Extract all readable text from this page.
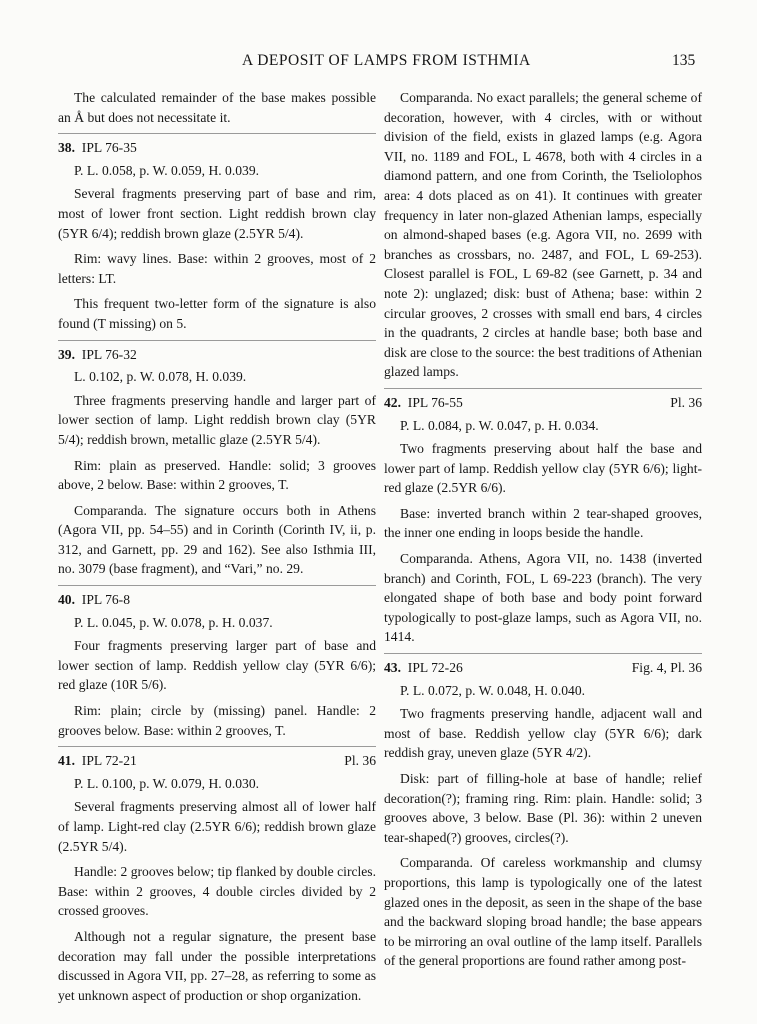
A DEPOSIT OF LAMPS FROM ISTHMIA	135

The calculated remainder of the base makes possible an Å but does not necessitate it.

38. IPL 76-35

P. L. 0.058, p. W. 0.059, H. 0.039.

Several fragments preserving part of base and rim, most of lower front section. Light reddish brown clay (5YR 6/4); reddish brown glaze (2.5YR 5/4).

Rim: wavy lines. Base: within 2 grooves, most of 2 letters: LT.

This frequent two-letter form of the signature is also found (T missing) on 5.

39. IPL 76-32

L. 0.102, p. W. 0.078, H. 0.039.

Three fragments preserving handle and larger part of lower section of lamp. Light reddish brown clay (5YR 5/4); reddish brown, metallic glaze (2.5YR 5/4).

Rim: plain as preserved. Handle: solid; 3 grooves above, 2 below. Base: within 2 grooves, T.

Comparanda. The signature occurs both in Athens (Agora VII, pp. 54–55) and in Corinth (Corinth IV, ii, p. 312, and Garnett, pp. 29 and 162). See also Isthmia III, no. 3079 (base fragment), and “Vari,” no. 29.

40. IPL 76-8

P. L. 0.045, p. W. 0.078, p. H. 0.037.

Four fragments preserving larger part of base and lower section of lamp. Reddish yellow clay (5YR 6/6); red glaze (10R 5/6).

Rim: plain; circle by (missing) panel. Handle: 2 grooves below. Base: within 2 grooves, T.

41. IPL 72-21	Pl. 36

P. L. 0.100, p. W. 0.079, H. 0.030.

Several fragments preserving almost all of lower half of lamp. Light-red clay (2.5YR 6/6); reddish brown glaze (2.5YR 5/4).

Handle: 2 grooves below; tip flanked by double circles. Base: within 2 grooves, 4 double circles divided by 2 crossed grooves.

Although not a regular signature, the present base decoration may fall under the possible interpretations discussed in Agora VII, pp. 27–28, as referring to some as yet unknown aspect of production or shop organization.

Comparanda. No exact parallels; the general scheme of decoration, however, with 4 circles, with or without division of the field, exists in glazed lamps (e.g. Agora VII, no. 1189 and FOL, L 4678, both with 4 circles in a diamond pattern, and one from Corinth, the Tseliolophos area: 4 dots placed as on 41). It continues with greater frequency in later non-glazed Athenian lamps, especially on almond-shaped bases (e.g. Agora VII, no. 2699 with branches as crossbars, no. 2487, and FOL, L 69-253). Closest parallel is FOL, L 69-82 (see Garnett, p. 34 and note 2): unglazed; disk: bust of Athena; base: within 2 circular grooves, 2 crosses with small end bars, 4 circles in the quadrants, 2 circles at handle base; both base and disk are close to the source: the best traditions of Athenian glazed lamps.

42. IPL 76-55	Pl. 36

P. L. 0.084, p. W. 0.047, p. H. 0.034.

Two fragments preserving about half the base and lower part of lamp. Reddish yellow clay (5YR 6/6); light-red glaze (2.5YR 6/6).

Base: inverted branch within 2 tear-shaped grooves, the inner one ending in loops beside the handle.

Comparanda. Athens, Agora VII, no. 1438 (inverted branch) and Corinth, FOL, L 69-223 (branch). The very elongated shape of both base and body point forward typologically to post-glaze lamps, such as Agora VII, no. 1414.

43. IPL 72-26	Fig. 4, Pl. 36

P. L. 0.072, p. W. 0.048, H. 0.040.

Two fragments preserving handle, adjacent wall and most of base. Reddish yellow clay (5YR 6/6); dark reddish gray, uneven glaze (5YR 4/2).

Disk: part of filling-hole at base of handle; relief decoration(?); framing ring. Rim: plain. Handle: solid; 3 grooves above, 3 below. Base (Pl. 36): within 2 uneven tear-shaped(?) grooves, circles(?).

Comparanda. Of careless workmanship and clumsy proportions, this lamp is typologically one of the latest glazed ones in the deposit, as seen in the shape of the base and the backward sloping broad handle; the base appears to be mirroring an oval outline of the lamp itself. Parallels of the general proportions are found rather among post-
